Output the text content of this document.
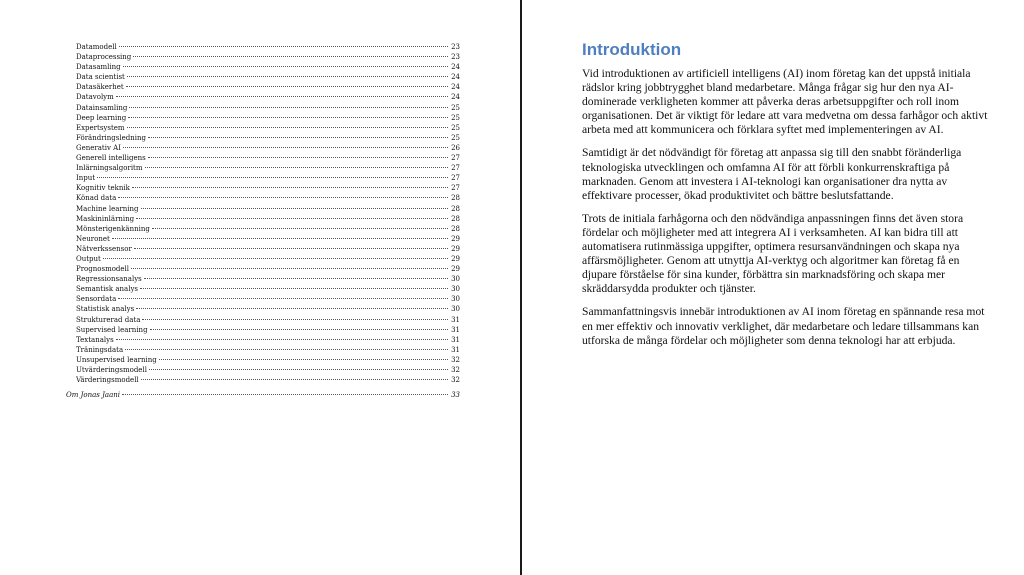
Datamodell	23
Dataprocessing	23
Datasamling	24
Data scientist	24
Datasäkerhet	24
Datavolym	24
Datainsamling	25
Deep learning	25
Expertsystem	25
Förändringsledning	25
Generativ AI	26
Generell intelligens	27
Inlärningsalgoritm	27
Input	27
Kognitiv teknik	27
Könad data	28
Machine learning	28
Maskininlärning	28
Mönsterigenkänning	28
Neuronet	29
Nätverkssensor	29
Output	29
Prognosmodell	29
Regressionsanalys	30
Semantisk analys	30
Sensordata	30
Statistisk analys	30
Strukturerad data	31
Supervised learning	31
Textanalys	31
Träningsdata	31
Unsupervised learning	32
Utvärderingsmodell	32
Värderingsmodell	32
Om Jonas Jaani	33
Introduktion

Vid introduktionen av artificiell intelligens (AI) inom företag kan det uppstå initiala rädslor kring jobbtrygghet bland medarbetare. Många frågar sig hur den nya AI-dominerade verkligheten kommer att påverka deras arbetsuppgifter och roll inom organisationen. Det är viktigt för ledare att vara medvetna om dessa farhågor och aktivt arbeta med att kommunicera och förklara syftet med implementeringen av AI.

Samtidigt är det nödvändigt för företag att anpassa sig till den snabbt föränderliga teknologiska utvecklingen och omfamna AI för att förbli konkurrenskraftiga på marknaden. Genom att investera i AI-teknologi kan organisationer dra nytta av effektivare processer, ökad produktivitet och bättre beslutsfattande.

Trots de initiala farhågorna och den nödvändiga anpassningen finns det även stora fördelar och möjligheter med att integrera AI i verksamheten. AI kan bidra till att automatisera rutinmässiga uppgifter, optimera resursanvändningen och skapa nya affärsmöjligheter. Genom att utnyttja AI-verktyg och algoritmer kan företag få en djupare förståelse för sina kunder, förbättra sin marknadsföring och skapa mer skräddarsydda produkter och tjänster.

Sammanfattningsvis innebär introduktionen av AI inom företag en spännande resa mot en mer effektiv och innovativ verklighet, där medarbetare och ledare tillsammans kan utforska de många fördelar och möjligheter som denna teknologi har att erbjuda.
